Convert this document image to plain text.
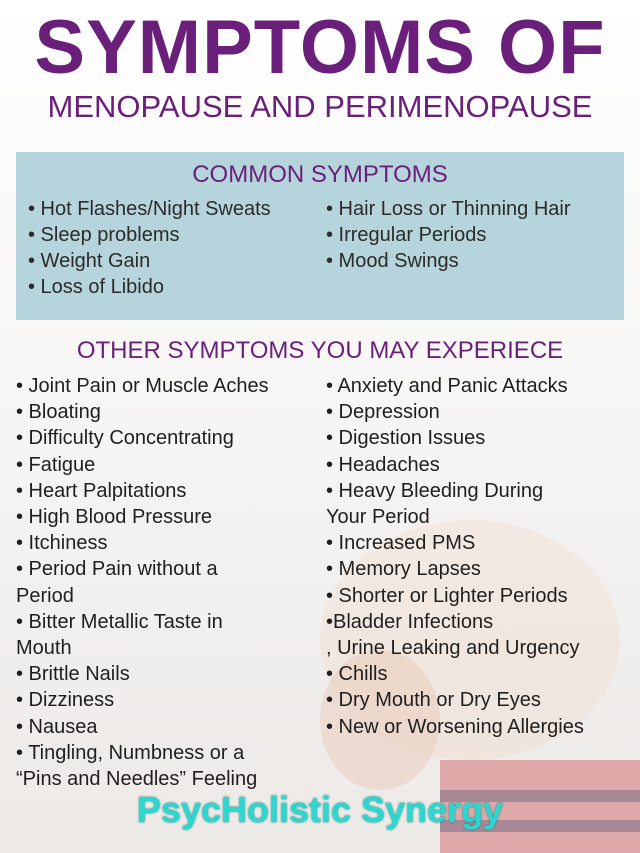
SYMPTOMS OF
MENOPAUSE AND PERIMENOPAUSE
COMMON SYMPTOMS
• Hot Flashes/Night Sweats
• Sleep problems
• Weight Gain
• Loss of Libido
• Hair Loss or Thinning Hair
• Irregular Periods
• Mood Swings
OTHER SYMPTOMS YOU MAY EXPERIECE
• Joint Pain or Muscle Aches
• Bloating
• Difficulty Concentrating
• Fatigue
• Heart Palpitations
• High Blood Pressure
• Itchiness
• Period Pain without a
Period
• Bitter Metallic Taste in
Mouth
• Brittle Nails
• Dizziness
• Nausea
• Tingling, Numbness or a
“Pins and Needles” Feeling
• Anxiety and Panic Attacks
• Depression
• Digestion Issues
• Headaches
• Heavy Bleeding During
Your Period
• Increased PMS
• Memory Lapses
• Shorter or Lighter Periods
•Bladder Infections
, Urine Leaking and Urgency
• Chills
• Dry Mouth or Dry Eyes
• New or Worsening Allergies
PsycHolistic Synergy
